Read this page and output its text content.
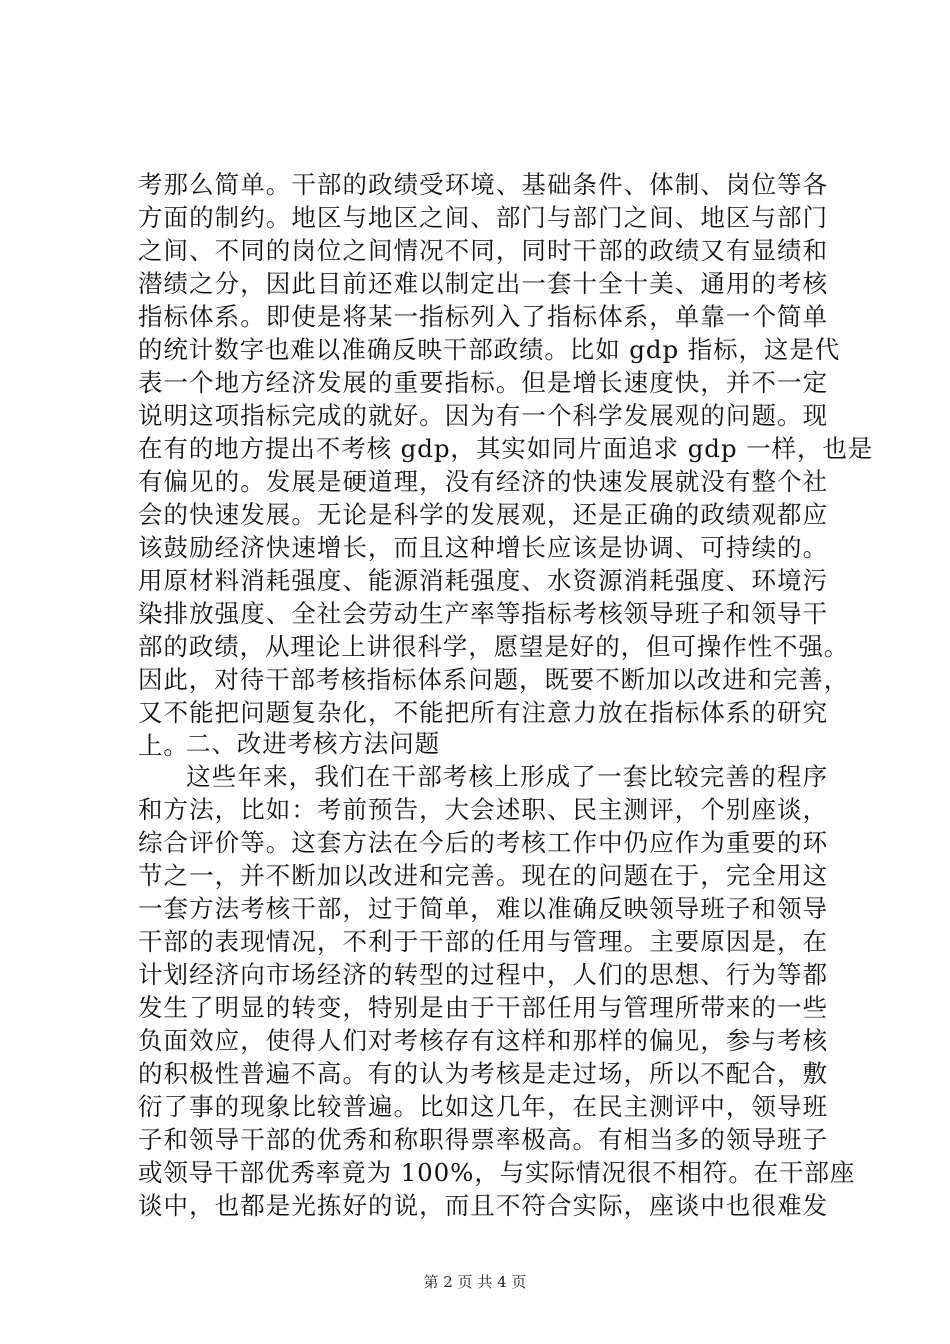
考那么简单。干部的政绩受环境、基础条件、体制、岗位等各
方面的制约。地区与地区之间、部门与部门之间、地区与部门
之间、不同的岗位之间情况不同，同时干部的政绩又有显绩和
潜绩之分，因此目前还难以制定出一套十全十美、通用的考核
指标体系。即使是将某一指标列入了指标体系，单靠一个简单
的统计数字也难以准确反映干部政绩。比如 gdp 指标，这是代
表一个地方经济发展的重要指标。但是增长速度快，并不一定
说明这项指标完成的就好。因为有一个科学发展观的问题。现
在有的地方提出不考核 gdp，其实如同片面追求 gdp 一样，也是
有偏见的。发展是硬道理，没有经济的快速发展就没有整个社
会的快速发展。无论是科学的发展观，还是正确的政绩观都应
该鼓励经济快速增长，而且这种增长应该是协调、可持续的。
用原材料消耗强度、能源消耗强度、水资源消耗强度、环境污
染排放强度、全社会劳动生产率等指标考核领导班子和领导干
部的政绩，从理论上讲很科学，愿望是好的，但可操作性不强。
因此，对待干部考核指标体系问题，既要不断加以改进和完善，
又不能把问题复杂化，不能把所有注意力放在指标体系的研究
上。
二、改进考核方法问题
这些年来，我们在干部考核上形成了一套比较完善的程序
和方法，比如：考前预告，大会述职、民主测评，个别座谈，
综合评价等。这套方法在今后的考核工作中仍应作为重要的环
节之一，并不断加以改进和完善。现在的问题在于，完全用这
一套方法考核干部，过于简单，难以准确反映领导班子和领导
干部的表现情况，不利于干部的任用与管理。主要原因是，在
计划经济向市场经济的转型的过程中，人们的思想、行为等都
发生了明显的转变，特别是由于干部任用与管理所带来的一些
负面效应，使得人们对考核存有这样和那样的偏见，参与考核
的积极性普遍不高。有的认为考核是走过场，所以不配合，敷
衍了事的现象比较普遍。比如这几年，在民主测评中，领导班
子和领导干部的优秀和称职得票率极高。有相当多的领导班子
或领导干部优秀率竟为 100%，与实际情况很不相符。在干部座
谈中，也都是光拣好的说，而且不符合实际，座谈中也很难发
第 2 页 共 4 页
